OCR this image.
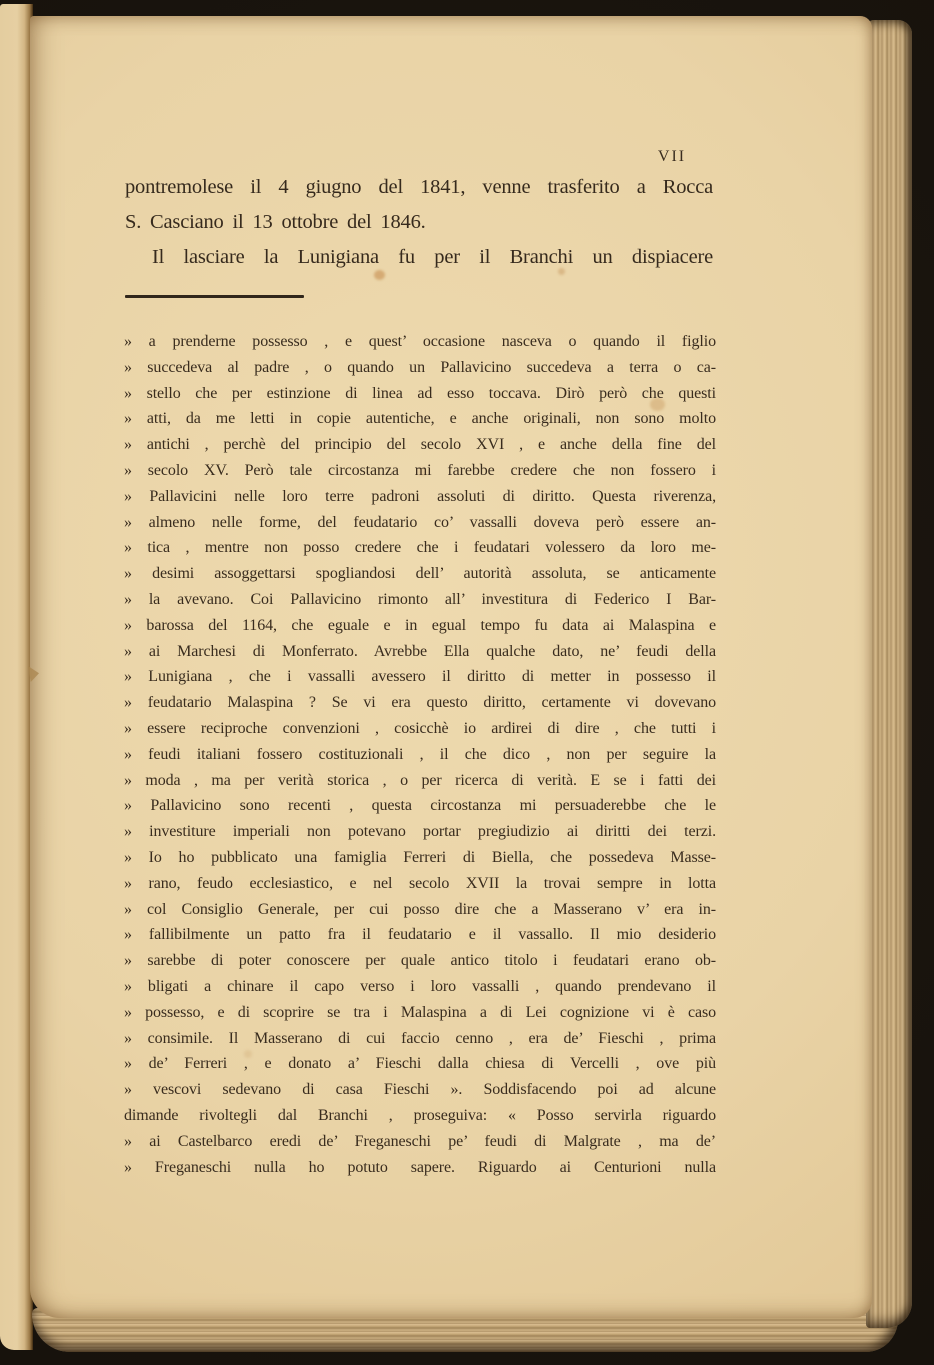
VII
pontremolese il 4 giugno del 1841, venne trasferito a Rocca
S. Casciano il 13 ottobre del 1846.
Il lasciare la Lunigiana fu per il Branchi un dispiacere
» a prenderne possesso , e quest’ occasione nasceva o quando il figlio
» succedeva al padre , o quando un Pallavicino succedeva a terra o ca-
» stello che per estinzione di linea ad esso toccava. Dirò però che questi
» atti, da me letti in copie autentiche, e anche originali, non sono molto
» antichi , perchè del principio del secolo XVI , e anche della fine del
» secolo XV. Però tale circostanza mi farebbe credere che non fossero i
» Pallavicini nelle loro terre padroni assoluti di diritto. Questa riverenza,
» almeno nelle forme, del feudatario co’ vassalli doveva però essere an-
» tica , mentre non posso credere che i feudatari volessero da loro me-
» desimi assoggettarsi spogliandosi dell’ autorità assoluta, se anticamente
» la avevano. Coi Pallavicino rimonto all’ investitura di Federico I Bar-
» barossa del 1164, che eguale e in egual tempo fu data ai Malaspina e
» ai Marchesi di Monferrato. Avrebbe Ella qualche dato, ne’ feudi della
» Lunigiana , che i vassalli avessero il diritto di metter in possesso il
» feudatario Malaspina ? Se vi era questo diritto, certamente vi dovevano
» essere reciproche convenzioni , cosicchè io ardirei di dire , che tutti i
» feudi italiani fossero costituzionali , il che dico , non per seguire la
» moda , ma per verità storica , o per ricerca di verità. E se i fatti dei
» Pallavicino sono recenti , questa circostanza mi persuaderebbe che le
» investiture imperiali non potevano portar pregiudizio ai diritti dei terzi.
» Io ho pubblicato una famiglia Ferreri di Biella, che possedeva Masse-
» rano, feudo ecclesiastico, e nel secolo XVII la trovai sempre in lotta
» col Consiglio Generale, per cui posso dire che a Masserano v’ era in-
» fallibilmente un patto fra il feudatario e il vassallo. Il mio desiderio
» sarebbe di poter conoscere per quale antico titolo i feudatari erano ob-
» bligati a chinare il capo verso i loro vassalli , quando prendevano il
» possesso, e di scoprire se tra i Malaspina a di Lei cognizione vi è caso
» consimile. Il Masserano di cui faccio cenno , era de’ Fieschi , prima
» de’ Ferreri , e donato a’ Fieschi dalla chiesa di Vercelli , ove più
» vescovi sedevano di casa Fieschi ». Soddisfacendo poi ad alcune
dimande rivoltegli dal Branchi , proseguiva: « Posso servirla riguardo
» ai Castelbarco eredi de’ Freganeschi pe’ feudi di Malgrate , ma de’
» Freganeschi nulla ho potuto sapere. Riguardo ai Centurioni nulla
